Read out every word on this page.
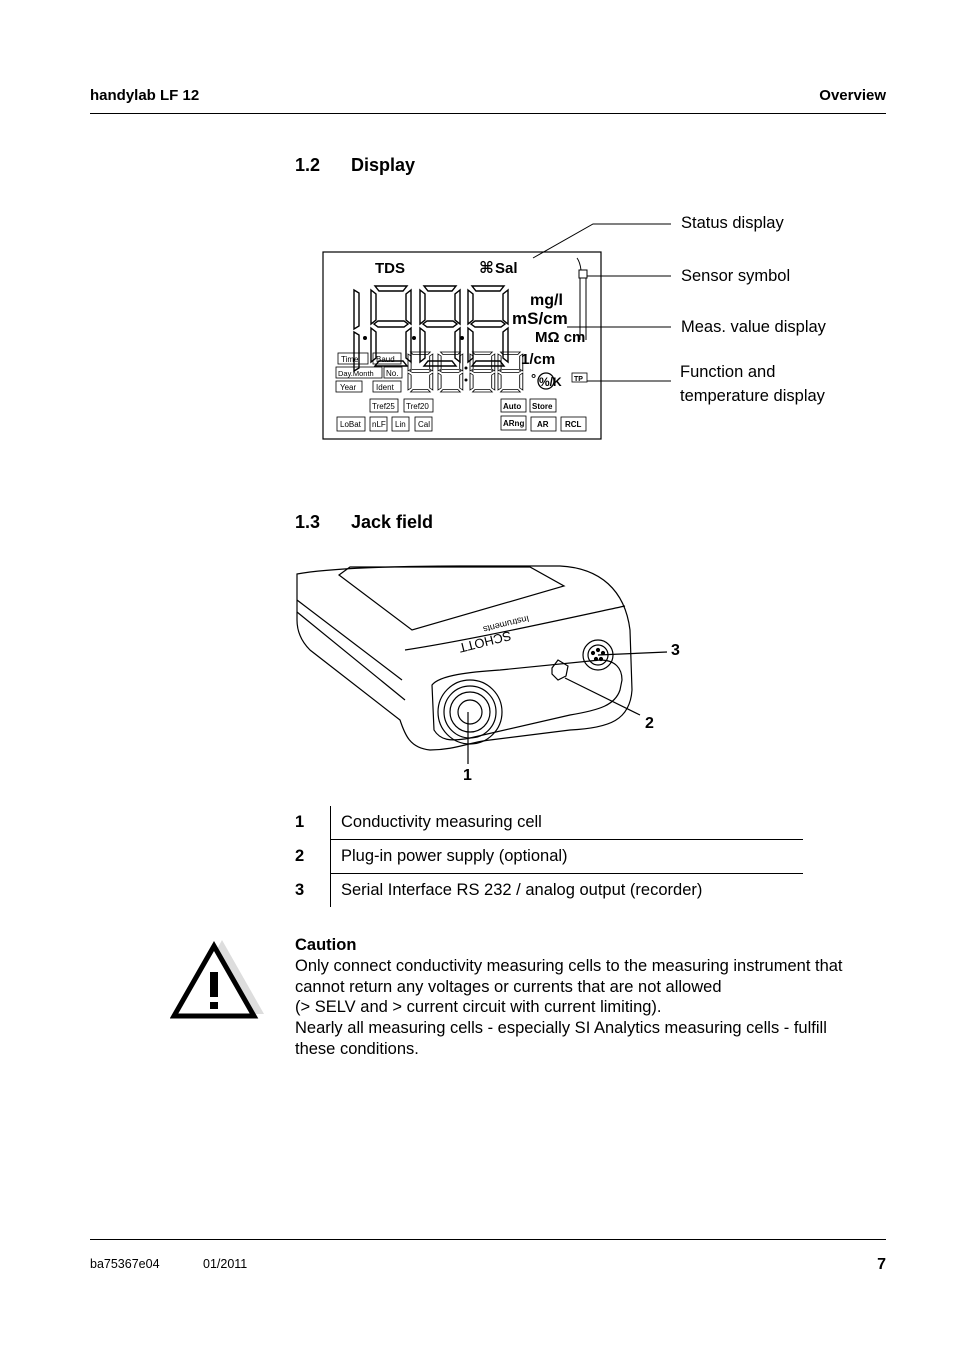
handylab LF 12	Overview
1.2 Display
TDS	⌘ Sal
mg/l
mS/cm
MΩ cm
1/cm
° %/K TP
Time Baud
Day.Month No.
Year Ident
Tref25 Tref20
LoBat nLF Lin Cal
Auto Store
ARng AR RCL
Status display
Sensor symbol
Meas. value display
Function and
temperature display
1.3 Jack field
SCHOTT
Instruments
1
2
3
1	Conductivity measuring cell
2	Plug-in power supply (optional)
3	Serial Interface RS 232 / analog output (recorder)
Caution
Only connect conductivity measuring cells to the measuring instrument that
cannot return any voltages or currents that are not allowed
(> SELV and > current circuit with current limiting).
Nearly all measuring cells - especially SI Analytics measuring cells - fulfill
these conditions.
ba75367e04	01/2011	7
